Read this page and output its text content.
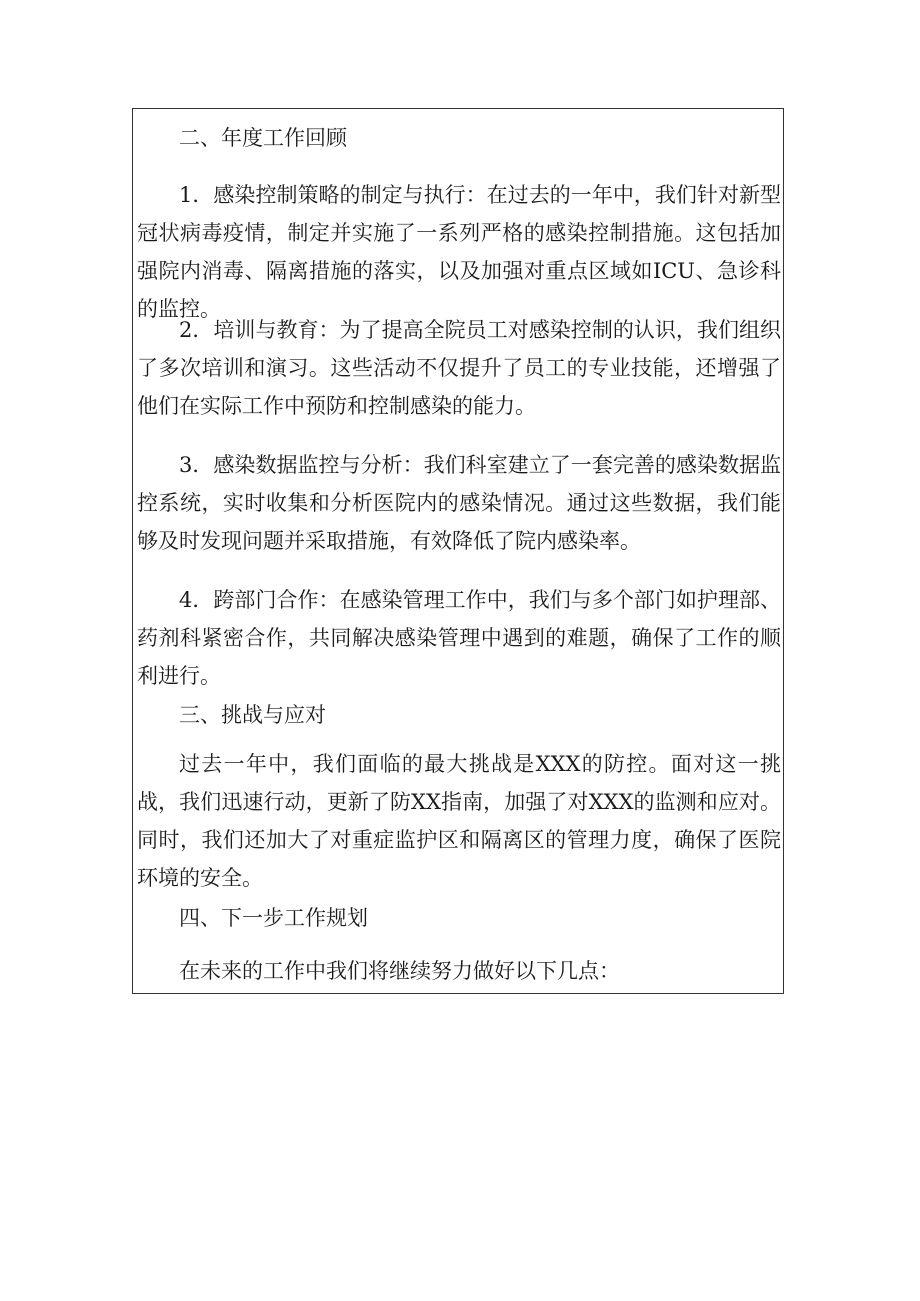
二、年度工作回顾

1．感染控制策略的制定与执行：在过去的一年中，我们针对新型冠状病毒疫情，制定并实施了一系列严格的感染控制措施。这包括加强院内消毒、隔离措施的落实，以及加强对重点区域如ICU、急诊科的监控。

2．培训与教育：为了提高全院员工对感染控制的认识，我们组织了多次培训和演习。这些活动不仅提升了员工的专业技能，还增强了他们在实际工作中预防和控制感染的能力。

3．感染数据监控与分析：我们科室建立了一套完善的感染数据监控系统，实时收集和分析医院内的感染情况。通过这些数据，我们能够及时发现问题并采取措施，有效降低了院内感染率。

4．跨部门合作：在感染管理工作中，我们与多个部门如护理部、药剂科紧密合作，共同解决感染管理中遇到的难题，确保了工作的顺利进行。

三、挑战与应对

过去一年中，我们面临的最大挑战是XXX的防控。面对这一挑战，我们迅速行动，更新了防XX指南，加强了对XXX的监测和应对。同时，我们还加大了对重症监护区和隔离区的管理力度，确保了医院环境的安全。

四、下一步工作规划

在未来的工作中我们将继续努力做好以下几点：
